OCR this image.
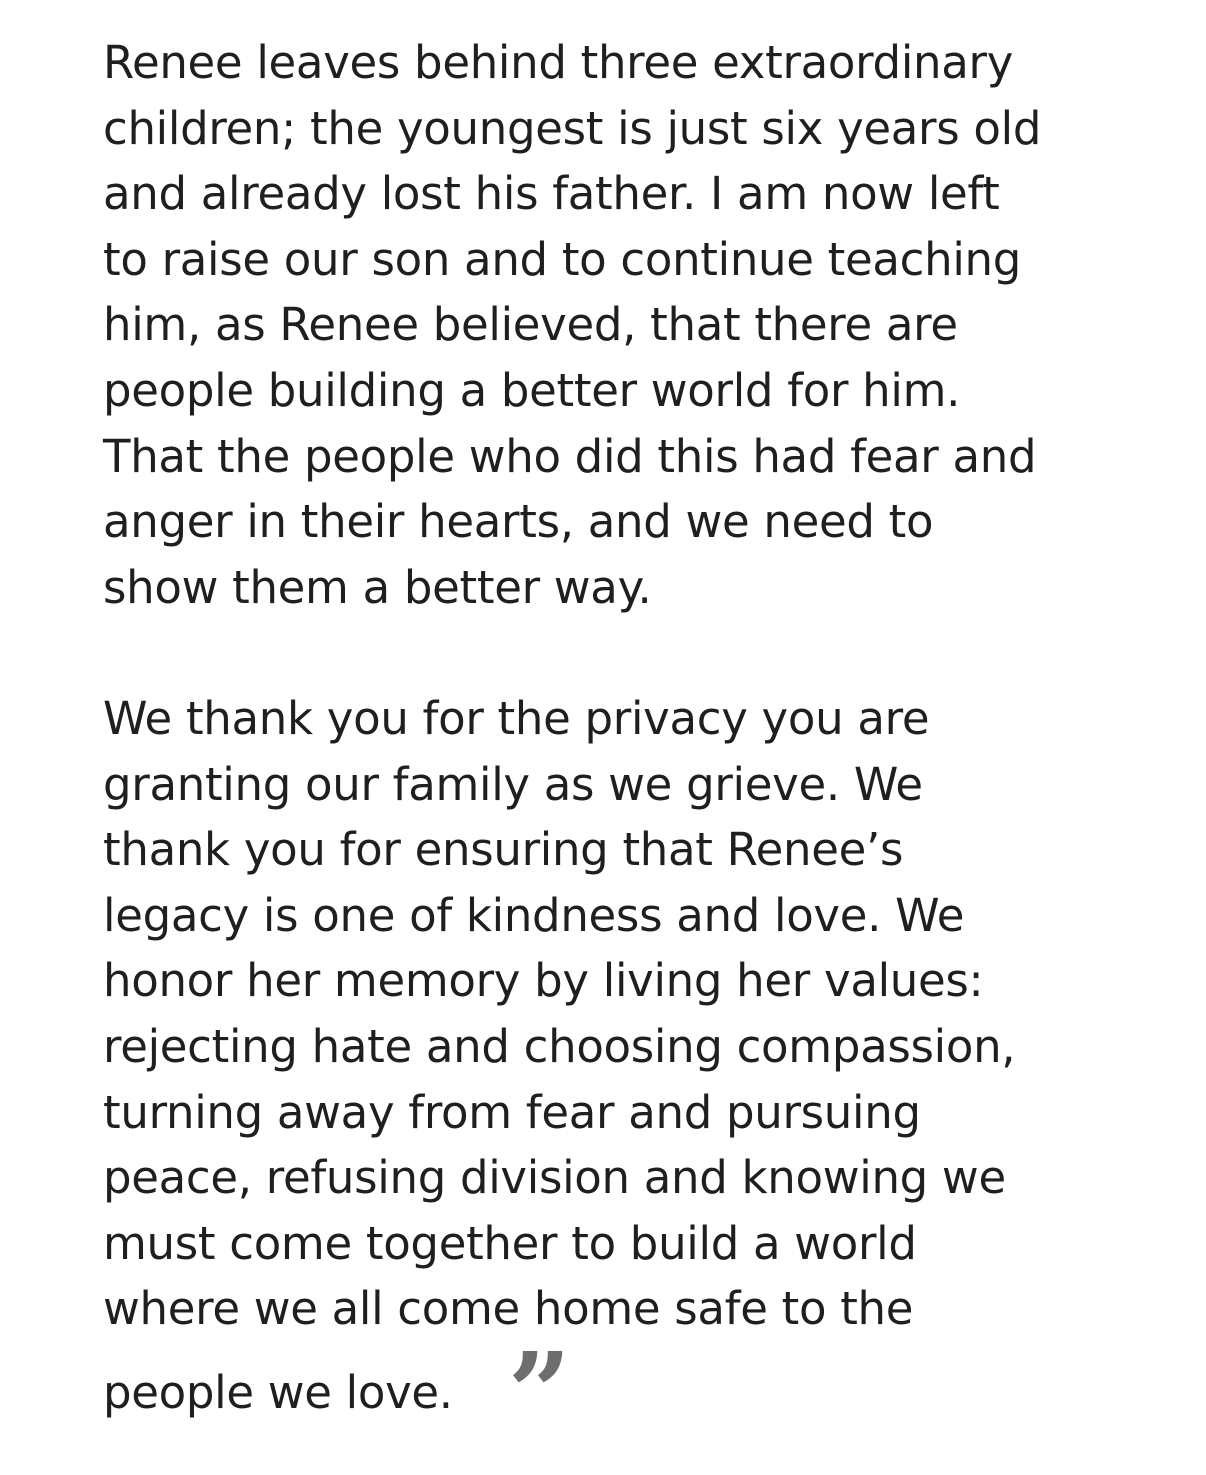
Renee leaves behind three extraordinary
children; the youngest is just six years old
and already lost his father. I am now left
to raise our son and to continue teaching
him, as Renee believed, that there are
people building a better world for him.
That the people who did this had fear and
anger in their hearts, and we need to
show them a better way.
We thank you for the privacy you are
granting our family as we grieve. We
thank you for ensuring that Renee’s
legacy is one of kindness and love. We
honor her memory by living her values:
rejecting hate and choosing compassion,
turning away from fear and pursuing
peace, refusing division and knowing we
must come together to build a world
where we all come home safe to the
people we love. ”
